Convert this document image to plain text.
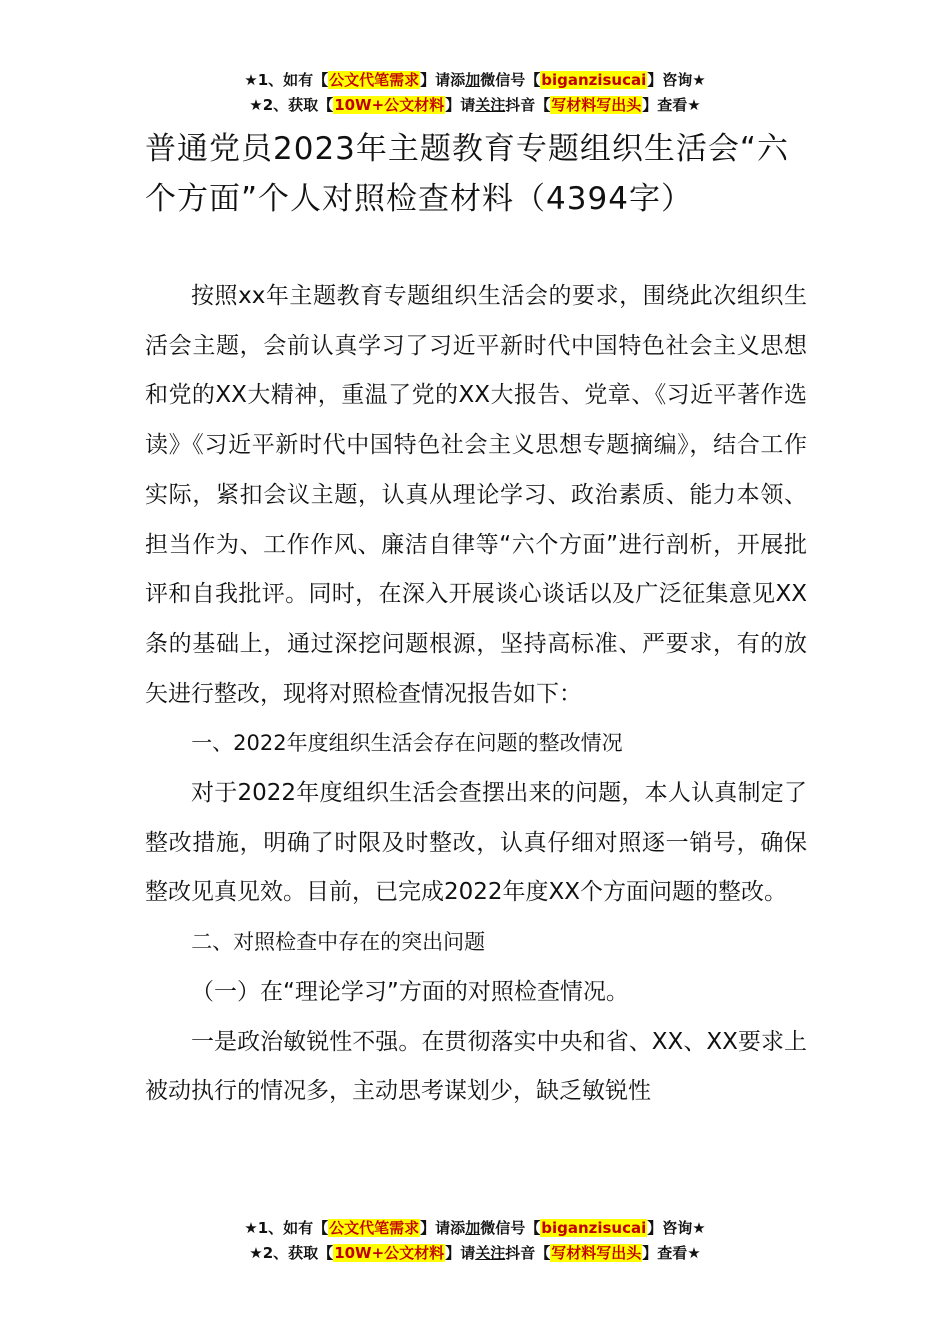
★1、如有【公文代笔需求】请添加微信号【biganzisucai】咨询★
★2、获取【10W+公文材料】请关注抖音【写材料写出头】查看★
普通党员2023年主题教育专题组织生活会“六个方面”个人对照检查材料（4394字）

按照xx年主题教育专题组织生活会的要求，围绕此次组织生活会主题，会前认真学习了习近平新时代中国特色社会主义思想和党的XX大精神，重温了党的XX大报告、党章、《习近平著作选读》《习近平新时代中国特色社会主义思想专题摘编》，结合工作实际，紧扣会议主题，认真从理论学习、政治素质、能力本领、担当作为、工作作风、廉洁自律等“六个方面”进行剖析，开展批评和自我批评。同时，在深入开展谈心谈话以及广泛征集意见XX条的基础上，通过深挖问题根源，坚持高标准、严要求，有的放矢进行整改，现将对照检查情况报告如下：

一、2022年度组织生活会存在问题的整改情况

对于2022年度组织生活会查摆出来的问题，本人认真制定了整改措施，明确了时限及时整改，认真仔细对照逐一销号，确保整改见真见效。目前，已完成2022年度XX个方面问题的整改。

二、对照检查中存在的突出问题

（一）在“理论学习”方面的对照检查情况。

一是政治敏锐性不强。在贯彻落实中央和省、XX、XX要求上被动执行的情况多，主动思考谋划少，缺乏敏锐性

★1、如有【公文代笔需求】请添加微信号【biganzisucai】咨询★
★2、获取【10W+公文材料】请关注抖音【写材料写出头】查看★
